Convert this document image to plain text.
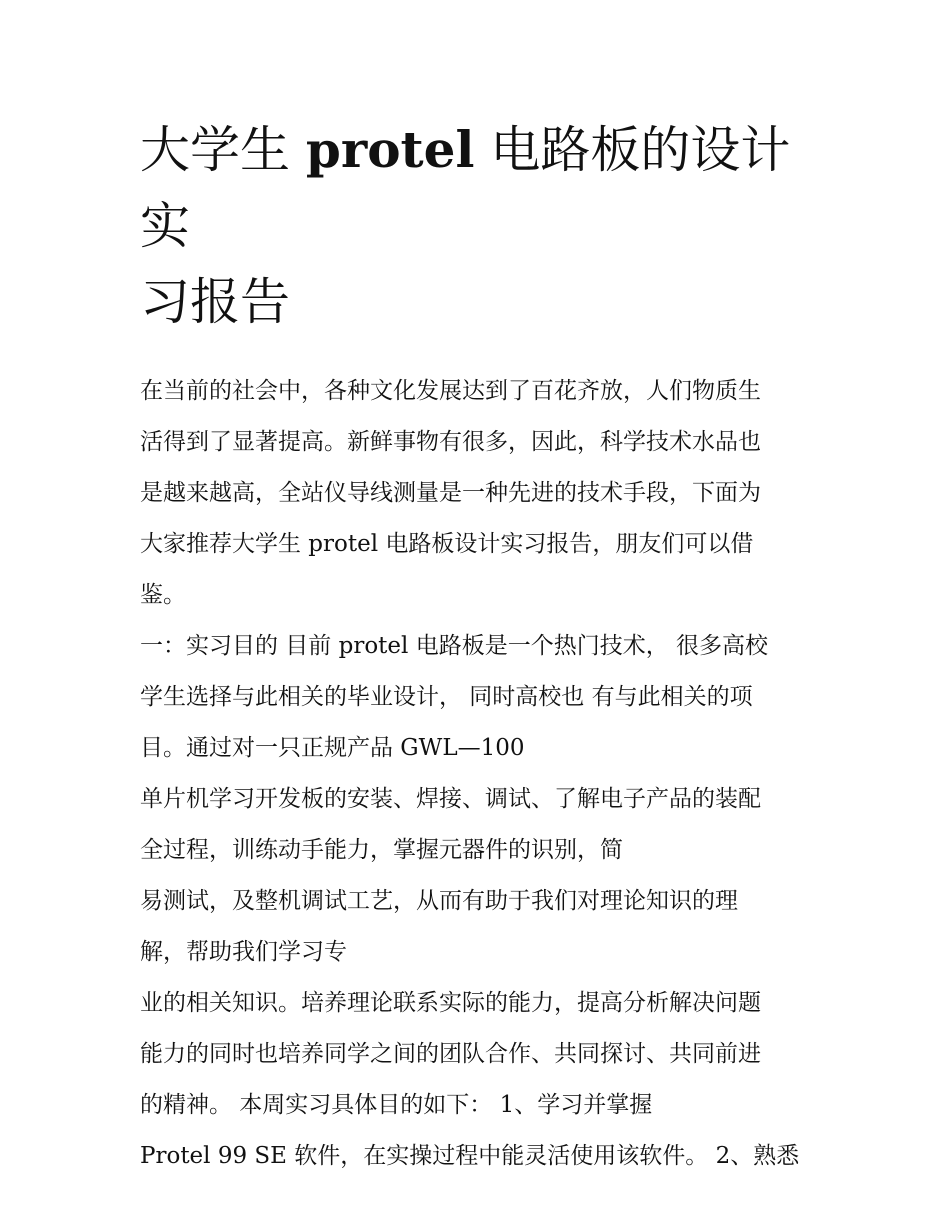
大学生 protel 电路板的设计实
习报告
在当前的社会中，各种文化发展达到了百花齐放，人们物质生
活得到了显著提高。新鲜事物有很多，因此，科学技术水品也
是越来越高，全站仪导线测量是一种先进的技术手段，下面为
大家推荐大学生 protel 电路板设计实习报告，朋友们可以借
鉴。
一：实习目的 目前 protel 电路板是一个热门技术， 很多高校
学生选择与此相关的毕业设计， 同时高校也 有与此相关的项
目。通过对一只正规产品 GWL—100
单片机学习开发板的安装、焊接、调试、了解电子产品的装配
全过程，训练动手能力，掌握元器件的识别，简
易测试，及整机调试工艺，从而有助于我们对理论知识的理
解，帮助我们学习专
业的相关知识。培养理论联系实际的能力，提高分析解决问题
能力的同时也培养同学之间的团队合作、共同探讨、共同前进
的精神。 本周实习具体目的如下： 1、学习并掌握
Protel 99 SE 软件，在实操过程中能灵活使用该软件。 2、熟悉
